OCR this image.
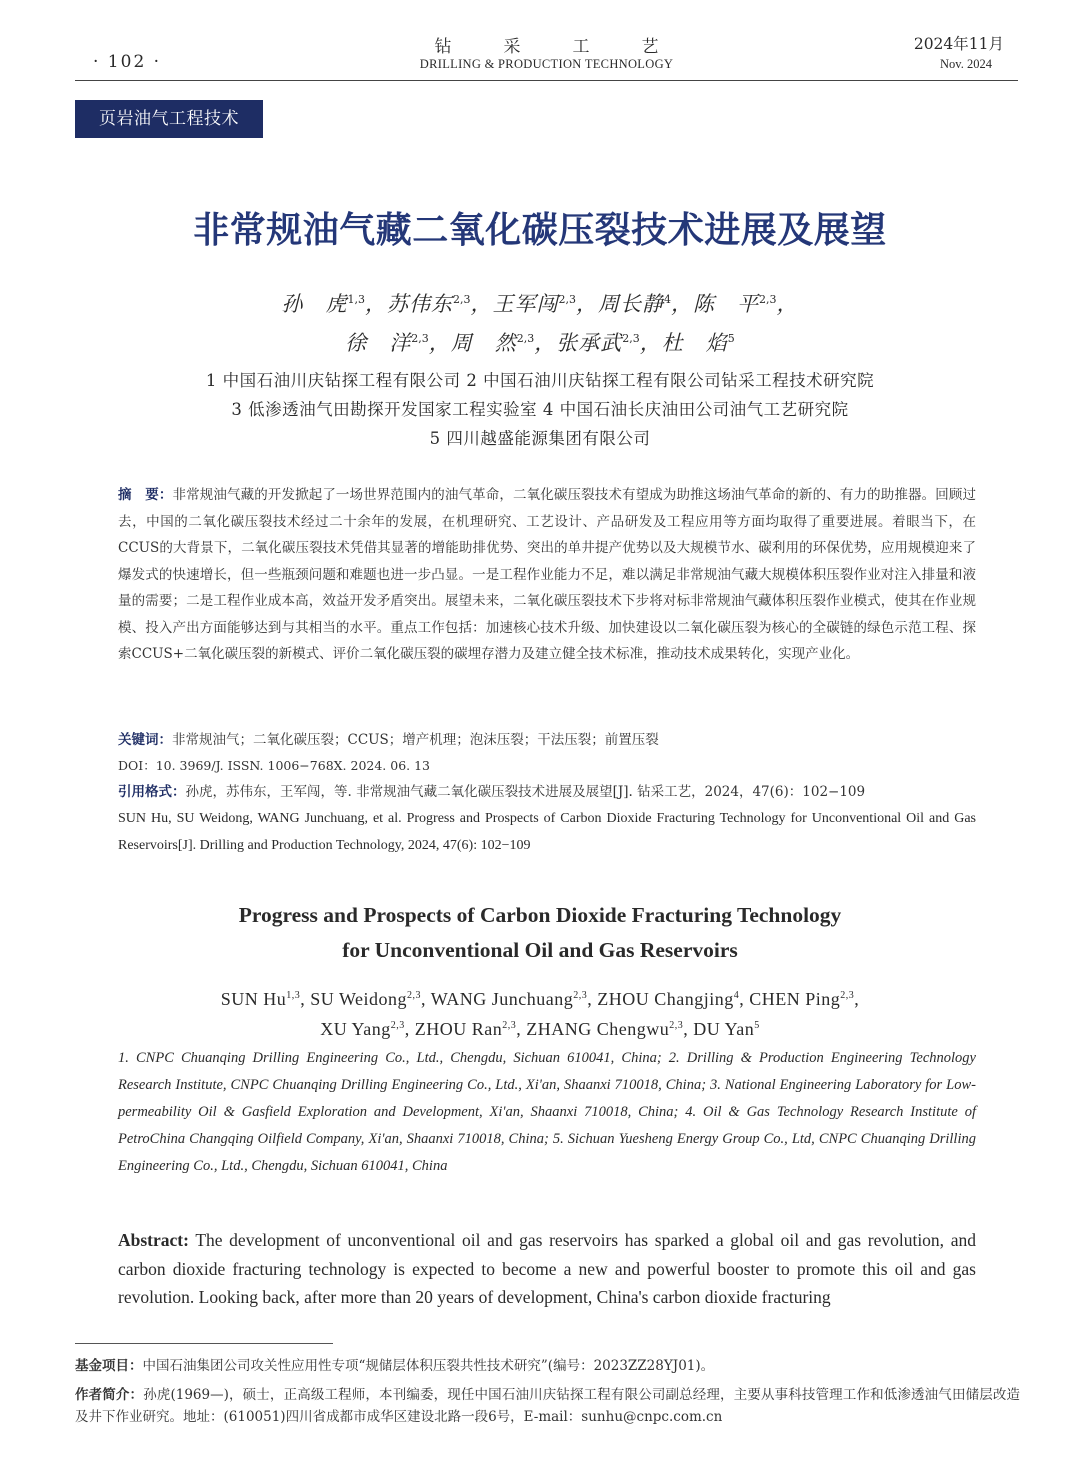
· 102 ·
钻采工艺
DRILLING & PRODUCTION TECHNOLOGY
2024年11月
Nov. 2024
页岩油气工程技术
非常规油气藏二氧化碳压裂技术进展及展望
孙　虎$^{1,3}$，苏伟东$^{2,3}$，王军闯$^{2,3}$，周长静$^4$，陈　平$^{2,3}$，
徐　洋$^{2,3}$，周　然$^{2,3}$，张承武$^{2,3}$，杜　焰$^5$
1 中国石油川庆钻探工程有限公司 2 中国石油川庆钻探工程有限公司钻采工程技术研究院
3 低渗透油气田勘探开发国家工程实验室 4 中国石油长庆油田公司油气工艺研究院
5 四川越盛能源集团有限公司
摘　要：非常规油气藏的开发掀起了一场世界范围内的油气革命，二氧化碳压裂技术有望成为助推这场油气革命的新的、有力的助推器。回顾过去，中国的二氧化碳压裂技术经过二十余年的发展，在机理研究、工艺设计、产品研发及工程应用等方面均取得了重要进展。着眼当下，在CCUS的大背景下，二氧化碳压裂技术凭借其显著的增能助排优势、突出的单井提产优势以及大规模节水、碳利用的环保优势，应用规模迎来了爆发式的快速增长，但一些瓶颈问题和难题也进一步凸显。一是工程作业能力不足，难以满足非常规油气藏大规模体积压裂作业对注入排量和液量的需要；二是工程作业成本高，效益开发矛盾突出。展望未来，二氧化碳压裂技术下步将对标非常规油气藏体积压裂作业模式，使其在作业规模、投入产出方面能够达到与其相当的水平。重点工作包括：加速核心技术升级、加快建设以二氧化碳压裂为核心的全碳链的绿色示范工程、探索CCUS+二氧化碳压裂的新模式、评价二氧化碳压裂的碳埋存潜力及建立健全技术标准，推动技术成果转化，实现产业化。
关键词：非常规油气；二氧化碳压裂；CCUS；增产机理；泡沫压裂；干法压裂；前置压裂
DOI：10. 3969/J. ISSN. 1006−768X. 2024. 06. 13
引用格式：孙虎，苏伟东，王军闯，等. 非常规油气藏二氧化碳压裂技术进展及展望[J]. 钻采工艺，2024，47(6)：102−109
SUN Hu, SU Weidong, WANG Junchuang, et al. Progress and Prospects of Carbon Dioxide Fracturing Technology for Unconventional Oil and Gas Reservoirs[J]. Drilling and Production Technology, 2024, 47(6): 102−109
Progress and Prospects of Carbon Dioxide Fracturing Technology
for Unconventional Oil and Gas Reservoirs
SUN Hu$^{1,3}$, SU Weidong$^{2,3}$, WANG Junchuang$^{2,3}$, ZHOU Changjing$^4$, CHEN Ping$^{2,3}$,
XU Yang$^{2,3}$, ZHOU Ran$^{2,3}$, ZHANG Chengwu$^{2,3}$, DU Yan$^5$
1. CNPC Chuanqing Drilling Engineering Co., Ltd., Chengdu, Sichuan 610041, China; 2. Drilling & Production Engineering Technology Research Institute, CNPC Chuanqing Drilling Engineering Co., Ltd., Xi'an, Shaanxi 710018, China; 3. National Engineering Laboratory for Low-permeability Oil & Gasfield Exploration and Development, Xi'an, Shaanxi 710018, China; 4. Oil & Gas Technology Research Institute of PetroChina Changqing Oilfield Company, Xi'an, Shaanxi 710018, China; 5. Sichuan Yuesheng Energy Group Co., Ltd, CNPC Chuanqing Drilling Engineering Co., Ltd., Chengdu, Sichuan 610041, China
Abstract: The development of unconventional oil and gas reservoirs has sparked a global oil and gas revolution, and carbon dioxide fracturing technology is expected to become a new and powerful booster to promote this oil and gas revolution. Looking back, after more than 20 years of development, China's carbon dioxide fracturing
基金项目：中国石油集团公司攻关性应用性专项“规储层体积压裂共性技术研究”(编号：2023ZZ28YJ01)。
作者简介：孙虎(1969—)，硕士，正高级工程师，本刊编委，现任中国石油川庆钻探工程有限公司副总经理，主要从事科技管理工作和低渗透油气田储层改造及井下作业研究。地址：(610051)四川省成都市成华区建设北路一段6号，E-mail：sunhu@cnpc.com.cn
